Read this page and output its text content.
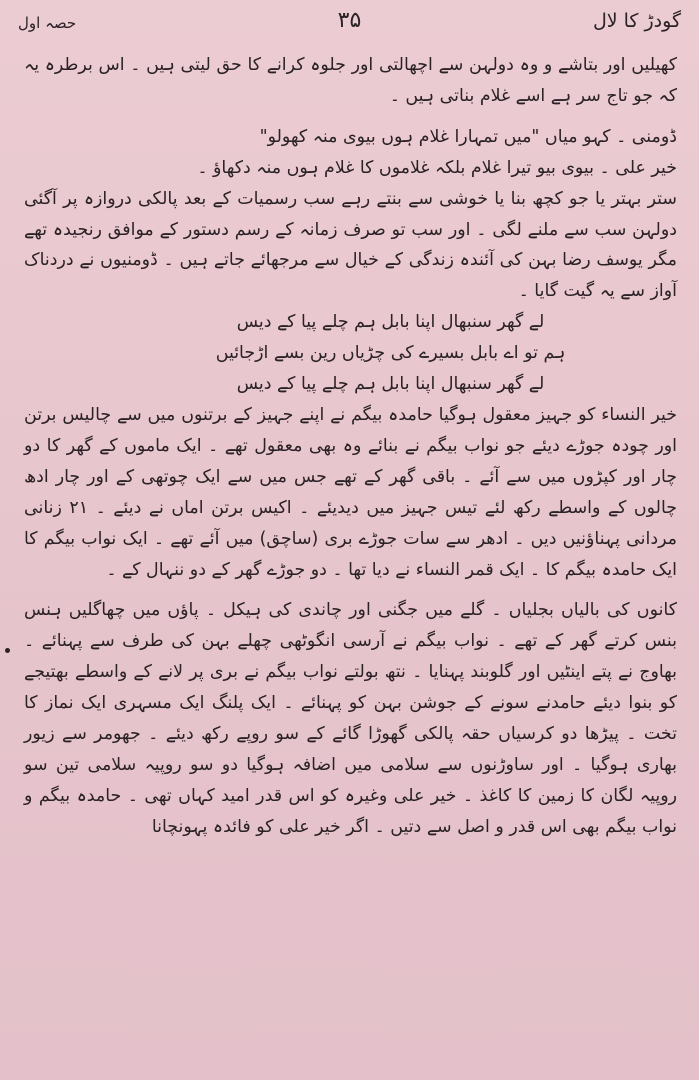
گودڑ کا لال
۳۵
حصہ اول

کھیلیں اور بتاشے و وہ دولہن سے اچھالتی اور جلوہ کرانے کا حق لیتی ہیں ۔ اس برطرہ یہ کہ جو تاج سر ہے اسے غلام بناتی ہیں ۔

ڈومنی ۔ کہو میاں "میں تمہارا غلام ہوں بیوی منہ کھولو"

خیر علی ۔ بیوی بیو تیرا غلام بلکہ غلاموں کا غلام ہوں منہ دکھاؤ ۔

ستر بہتر یا جو کچھ بنا یا خوشی سے بنتے رہے سب رسمیات کے بعد پالکی دروازہ پر آگئی دولہن سب سے ملنے لگی ۔ اور سب تو صرف زمانہ کے رسم دستور کے موافق رنجیدہ تھے مگر یوسف رضا بہن کی آئندہ زندگی کے خیال سے مرجھائے جاتے ہیں ۔ ڈومنیوں نے دردناک آواز سے یہ گیت گایا ۔

لے گھر سنبھال اپنا بابل ہم چلے پیا کے دیس

ہم تو اے بابل بسیرے کی چڑیاں رین بسے اڑجائیں

لے گھر سنبھال اپنا بابل ہم چلے پیا کے دیس

خیر النساء کو جہیز معقول ہوگیا حامدہ بیگم نے اپنے جہیز کے برتنوں میں سے چالیس برتن اور چودہ جوڑے دیئے جو نواب بیگم نے بنائے وہ بھی معقول تھے ۔ ایک ماموں کے گھر کا دو چار اور کپڑوں میں سے آئے ۔ باقی گھر کے تھے جس میں سے ایک چوتھی کے اور چار ادھ چالوں کے واسطے رکھ لئے تیس جہیز میں دیدیئے ۔ اکیس برتن اماں نے دیئے ۔ ۲۱ زنانی مردانی پہناؤنیں دیں ۔ ادھر سے سات جوڑے بری (ساچق) میں آئے تھے ۔ ایک نواب بیگم کا ایک حامدہ بیگم کا ۔ ایک قمر النساء نے دیا تھا ۔ دو جوڑے گھر کے دو ننہال کے ۔

کانوں کی بالیاں بجلیاں ۔ گلے میں جگنی اور چاندی کی ہیکل ۔ پاؤں میں چھاگلیں ہنس بنس کرتے گھر کے تھے ۔ نواب بیگم نے آرسی انگوٹھی چھلے بہن کی طرف سے پہنائے ۔ بھاوج نے پتے اینٹیں اور گلوبند پہنایا ۔ نتھ بولتے نواب بیگم نے بری پر لانے کے واسطے بھتیجے کو بنوا دیئے حامدنے سونے کے جوشن بہن کو پہنائے ۔ ایک پلنگ ایک مسہری ایک نماز کا تخت ۔ پیڑھا دو کرسیاں حقہ پالکی گھوڑا گائے کے سو روپے رکھ دیئے ۔ جھومر سے زیور بھاری ہوگیا ۔ اور ساوڑنوں سے سلامی میں اضافہ ہوگیا دو سو روپیہ سلامی تین سو روپیہ لگان کا زمین کا کاغذ ۔ خیر علی وغیرہ کو اس قدر امید کہاں تھی ۔ حامدہ بیگم و نواب بیگم بھی اس قدر و اصل سے دتیں ۔ اگر خیر علی کو فائدہ پہونچانا
